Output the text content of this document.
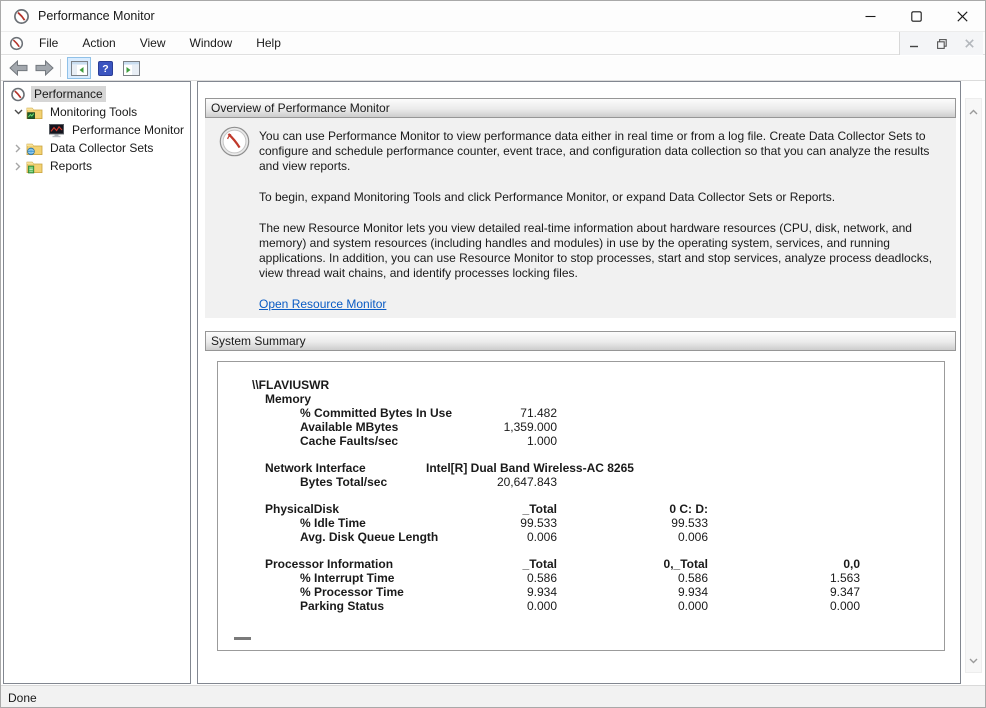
Performance Monitor
File	Action	View	Window	Help
?
Performance
Monitoring Tools
Performance Monitor
Data Collector Sets
Reports
Overview of Performance Monitor

You can use Performance Monitor to view performance data either in real time or from a log file. Create Data Collector Sets to configure and schedule performance counter, event trace, and configuration data collection so that you can analyze the results and view reports.

To begin, expand Monitoring Tools and click Performance Monitor, or expand Data Collector Sets or Reports.

The new Resource Monitor lets you view detailed real-time information about hardware resources (CPU, disk, network, and memory) and system resources (including handles and modules) in use by the operating system, services, and running applications. In addition, you can use Resource Monitor to stop processes, start and stop services, analyze process deadlocks, view thread wait chains, and identify processes locking files.

Open Resource Monitor
System Summary
\\FLAVIUSWR
Memory
% Committed Bytes In Use	71.482
Available MBytes	1,359.000
Cache Faults/sec	1.000
Network Interface	Intel[R] Dual Band Wireless-AC 8265
Bytes Total/sec	20,647.843
PhysicalDisk	_Total	0 C: D:
% Idle Time	99.533	99.533
Avg. Disk Queue Length	0.006	0.006
Processor Information	_Total	0,_Total	0,0
% Interrupt Time	0.586	0.586	1.563
% Processor Time	9.934	9.934	9.347
Parking Status	0.000	0.000	0.000
Done
